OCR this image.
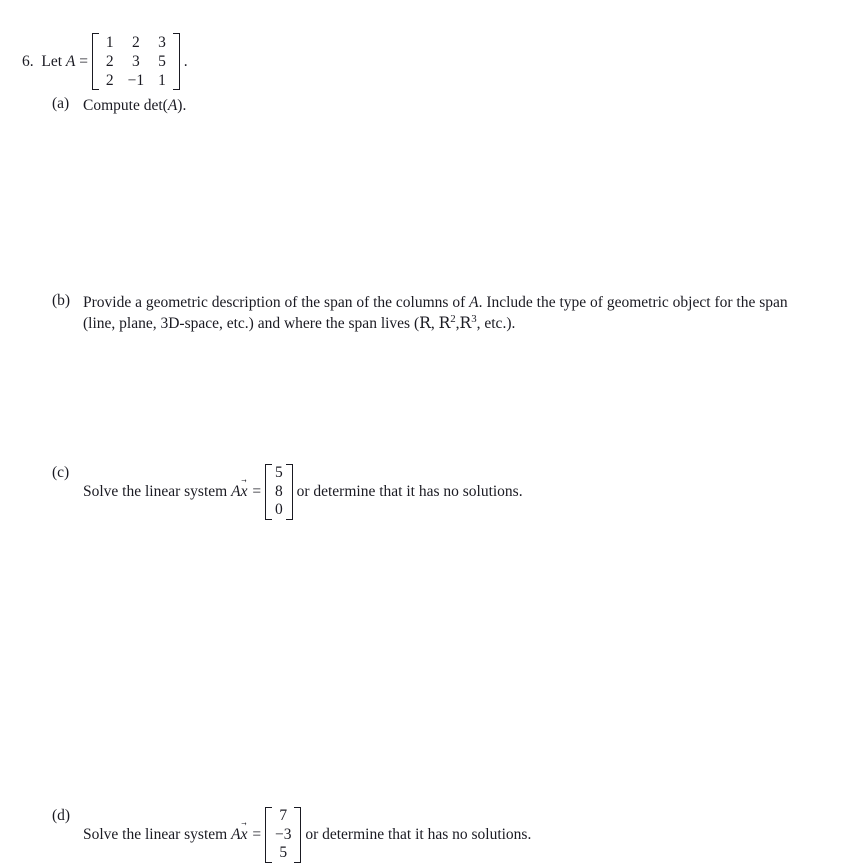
6.
Let
A
=

1	2	3
2	3	5
2	−1	1

.
(a) Compute det(A).
(b) Provide a geometric description of the span of the columns of A. Include the type of geometric object for the span (line, plane, 3D-space, etc.) and where the span lives (R, $R^2,R^3$, etc.).
(c)
Solve the linear system
A x →
=

5
8
0

or determine that it has no solutions.
(d)
Solve the linear system
A x →
=

7
−3
5

or determine that it has no solutions.
